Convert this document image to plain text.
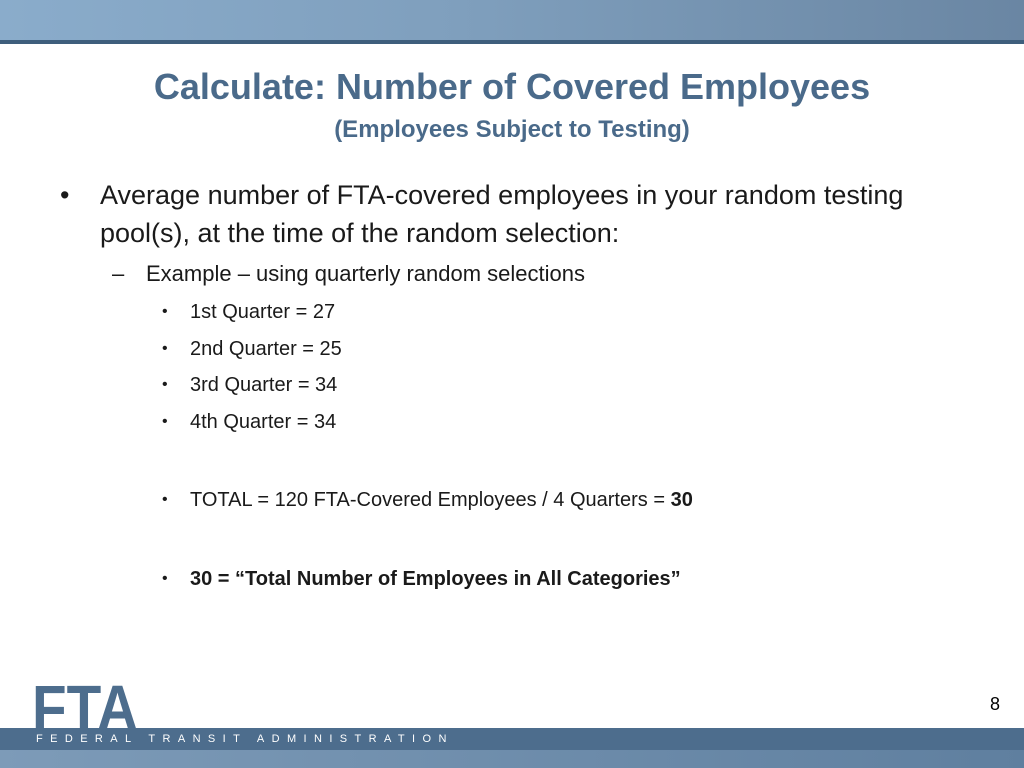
Calculate: Number of Covered Employees
(Employees Subject to Testing)
• Average number of FTA-covered employees in your random testing pool(s), at the time of the random selection:
– Example – using quarterly random selections
• 1st Quarter = 27
• 2nd Quarter = 25
• 3rd Quarter = 34
• 4th Quarter = 34
• TOTAL = 120 FTA-Covered Employees / 4 Quarters = 30
• 30 = “Total Number of Employees in All Categories”
8
FTA
FEDERAL TRANSIT ADMINISTRATION
